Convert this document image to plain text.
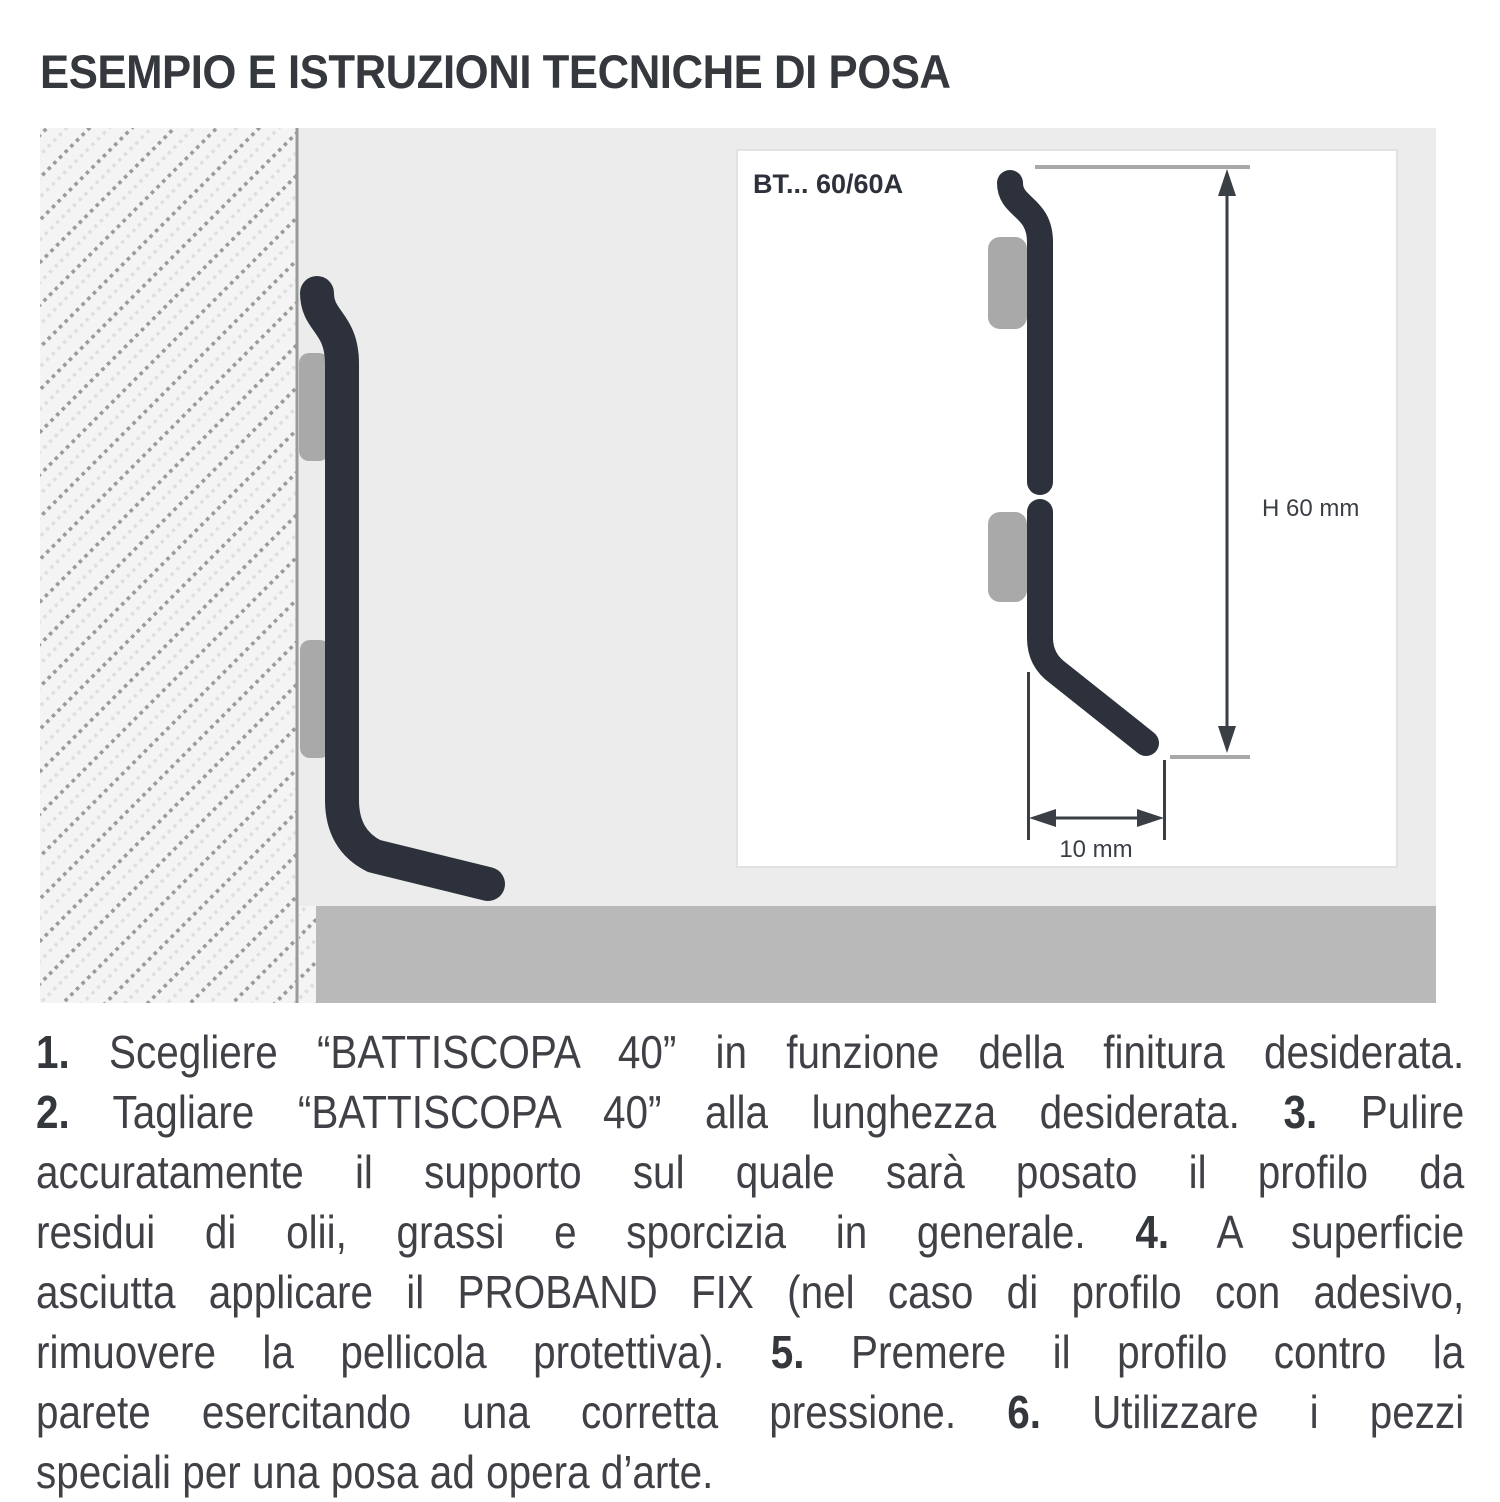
ESEMPIO E ISTRUZIONI TECNICHE DI POSA
BT... 60/60A
H 60 mm
10 mm
1. Scegliere “BATTISCOPA 40” in funzione della finitura desiderata.
2. Tagliare “BATTISCOPA 40” alla lunghezza desiderata. 3. Pulire
accuratamente il supporto sul quale sarà posato il profilo da
residui di olii, grassi e sporcizia in generale. 4. A superficie
asciutta applicare il PROBAND FIX (nel caso di profilo con adesivo,
rimuovere la pellicola protettiva). 5. Premere il profilo contro la
parete esercitando una corretta pressione. 6. Utilizzare i pezzi
speciali per una posa ad opera d’arte.
